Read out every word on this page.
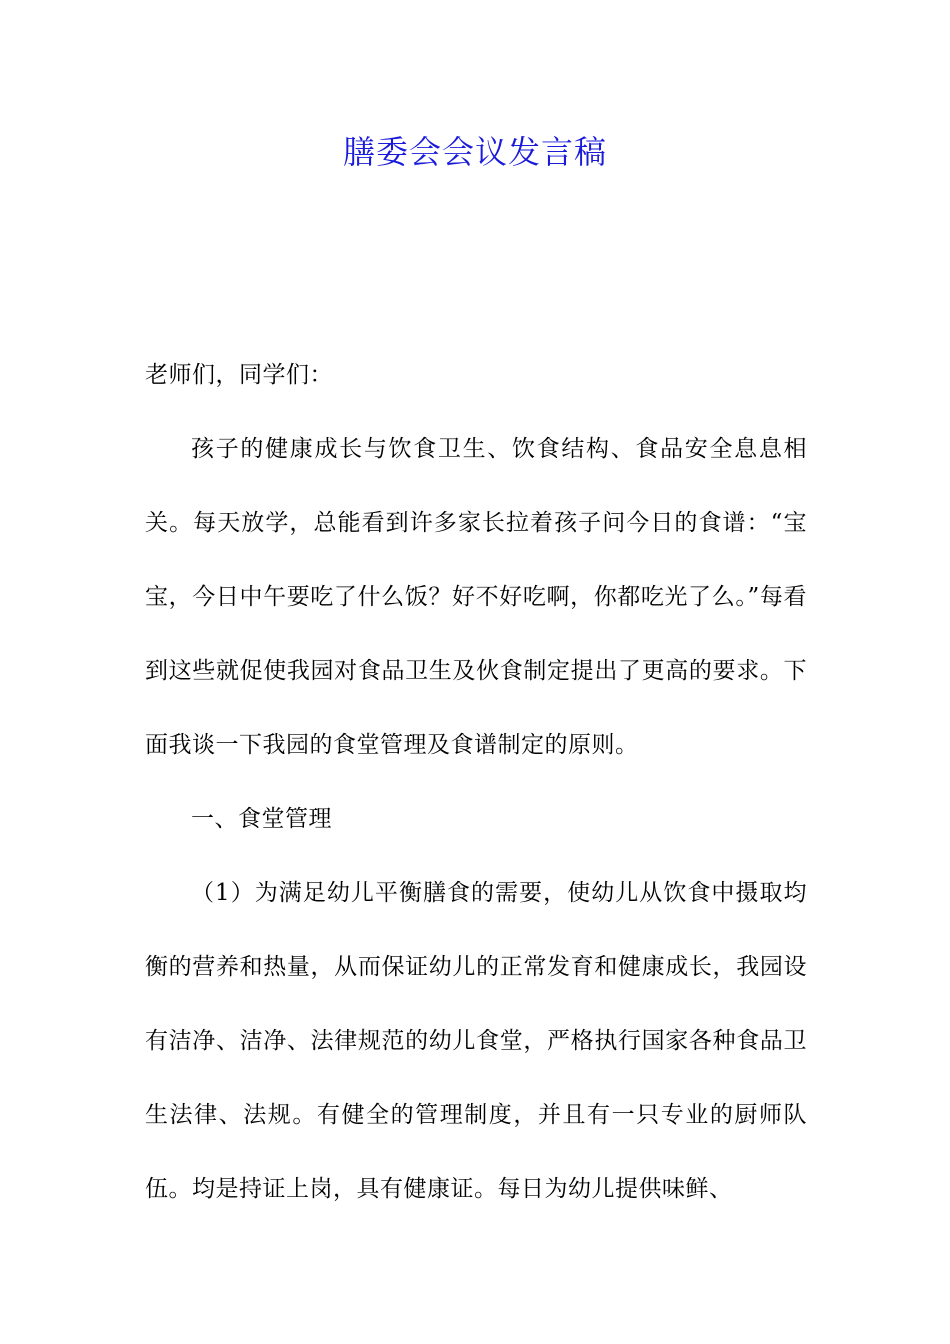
膳委会会议发言稿

老师们，同学们：

孩子的健康成长与饮食卫生、饮食结构、食品安全息息相关。每天放学，总能看到许多家长拉着孩子问今日的食谱：“宝宝，今日中午要吃了什么饭？好不好吃啊，你都吃光了么。”每看到这些就促使我园对食品卫生及伙食制定提出了更高的要求。下面我谈一下我园的食堂管理及食谱制定的原则。

一、食堂管理

（1）为满足幼儿平衡膳食的需要，使幼儿从饮食中摄取均衡的营养和热量，从而保证幼儿的正常发育和健康成长，我园设有洁净、洁净、法律规范的幼儿食堂，严格执行国家各种食品卫生法律、法规。有健全的管理制度，并且有一只专业的厨师队伍。均是持证上岗，具有健康证。每日为幼儿提供味鲜、
